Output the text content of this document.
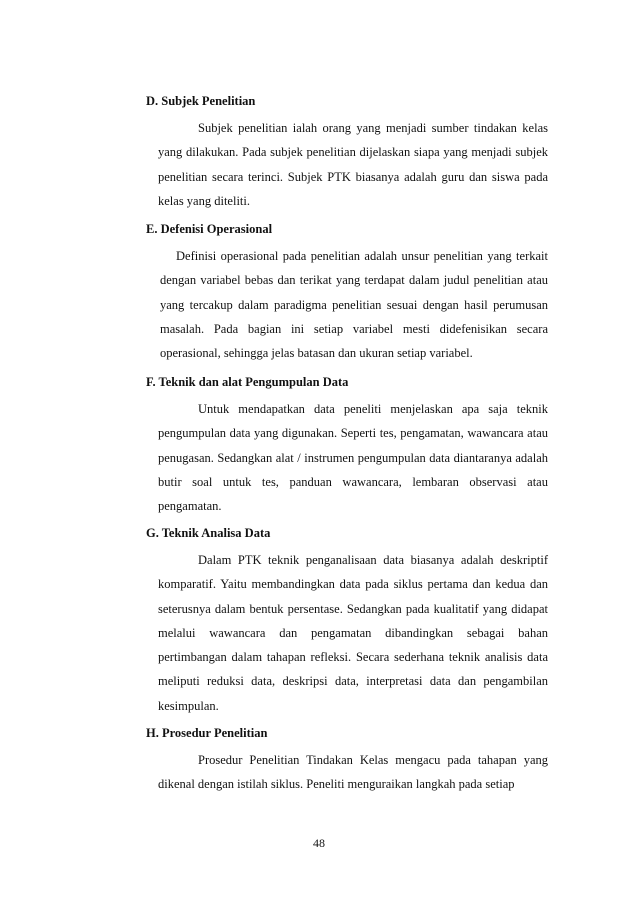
D. Subjek Penelitian

Subjek penelitian ialah orang yang menjadi sumber tindakan kelas yang dilakukan. Pada subjek penelitian dijelaskan siapa yang menjadi subjek penelitian secara terinci. Subjek PTK biasanya adalah guru dan siswa pada kelas yang diteliti.

E. Defenisi Operasional

Definisi operasional pada penelitian adalah unsur penelitian yang terkait dengan variabel bebas dan terikat yang terdapat dalam judul penelitian atau yang tercakup dalam paradigma penelitian sesuai dengan hasil perumusan masalah. Pada bagian ini setiap variabel mesti didefenisikan secara operasional, sehingga jelas batasan dan ukuran setiap variabel.

F. Teknik dan alat Pengumpulan Data

Untuk mendapatkan data peneliti menjelaskan apa saja teknik pengumpulan data yang digunakan. Seperti tes, pengamatan, wawancara atau penugasan. Sedangkan alat / instrumen pengumpulan data diantaranya adalah butir soal untuk tes, panduan wawancara, lembaran observasi atau pengamatan.

G. Teknik Analisa Data

Dalam PTK teknik penganalisaan data biasanya adalah deskriptif komparatif. Yaitu membandingkan data pada siklus pertama dan kedua dan seterusnya dalam bentuk persentase. Sedangkan pada kualitatif yang didapat melalui wawancara dan pengamatan dibandingkan sebagai bahan pertimbangan dalam tahapan refleksi. Secara sederhana teknik analisis data meliputi reduksi data, deskripsi data, interpretasi data dan pengambilan kesimpulan.

H. Prosedur Penelitian

Prosedur Penelitian Tindakan Kelas mengacu pada tahapan yang dikenal dengan istilah siklus. Peneliti menguraikan langkah pada setiap

48
